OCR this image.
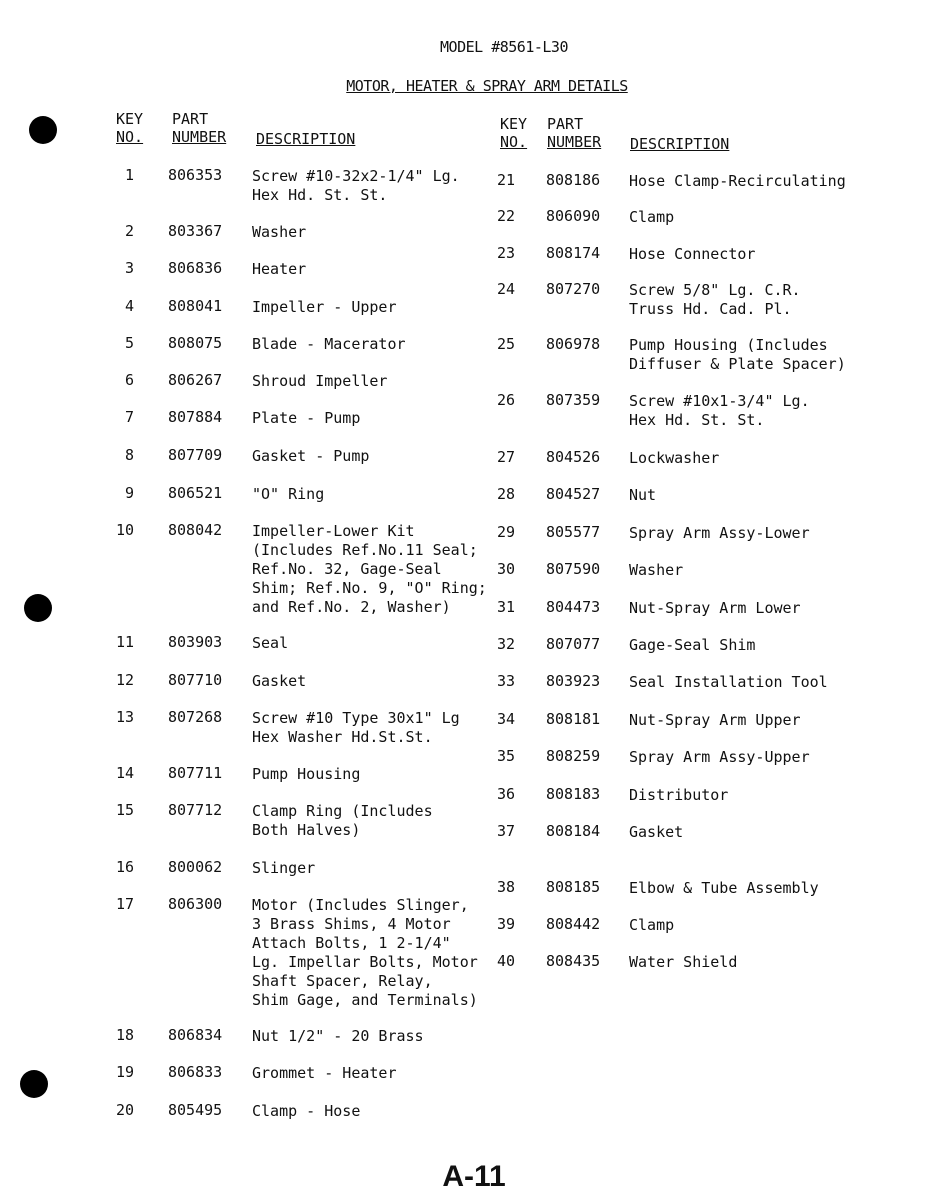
MODEL #8561-L30
MOTOR, HEATER & SPRAY ARM DETAILS
KEY
NO.
PART
NUMBER DESCRIPTION
KEY
NO.
PART
NUMBER DESCRIPTION
1 806353 Screw #10-32x2-1/4" Lg.
Hex Hd. St. St.
2 803367 Washer
3 806836 Heater
4 808041 Impeller - Upper
5 808075 Blade - Macerator
6 806267 Shroud Impeller
7 807884 Plate - Pump
8 807709 Gasket - Pump
9 806521 "O" Ring
10 808042 Impeller-Lower Kit
(Includes Ref.No.11 Seal;
Ref.No. 32, Gage-Seal
Shim; Ref.No. 9, "O" Ring;
and Ref.No. 2, Washer)
11 803903 Seal
12 807710 Gasket
13 807268 Screw #10 Type 30x1" Lg
Hex Washer Hd.St.St.
14 807711 Pump Housing
15 807712 Clamp Ring (Includes
Both Halves)
16 800062 Slinger
17 806300 Motor (Includes Slinger,
3 Brass Shims, 4 Motor
Attach Bolts, 1 2-1/4"
Lg. Impellar Bolts, Motor
Shaft Spacer, Relay,
Shim Gage, and Terminals)
18 806834 Nut 1/2" - 20 Brass
19 806833 Grommet - Heater
20 805495 Clamp - Hose
21 808186 Hose Clamp-Recirculating
22 806090 Clamp
23 808174 Hose Connector
24 807270 Screw 5/8" Lg. C.R.
Truss Hd. Cad. Pl.
25 806978 Pump Housing (Includes
Diffuser & Plate Spacer)
26 807359 Screw #10x1-3/4" Lg.
Hex Hd. St. St.
27 804526 Lockwasher
28 804527 Nut
29 805577 Spray Arm Assy-Lower
30 807590 Washer
31 804473 Nut-Spray Arm Lower
32 807077 Gage-Seal Shim
33 803923 Seal Installation Tool
34 808181 Nut-Spray Arm Upper
35 808259 Spray Arm Assy-Upper
36 808183 Distributor
37 808184 Gasket
38 808185 Elbow & Tube Assembly
39 808442 Clamp
40 808435 Water Shield
A-11
